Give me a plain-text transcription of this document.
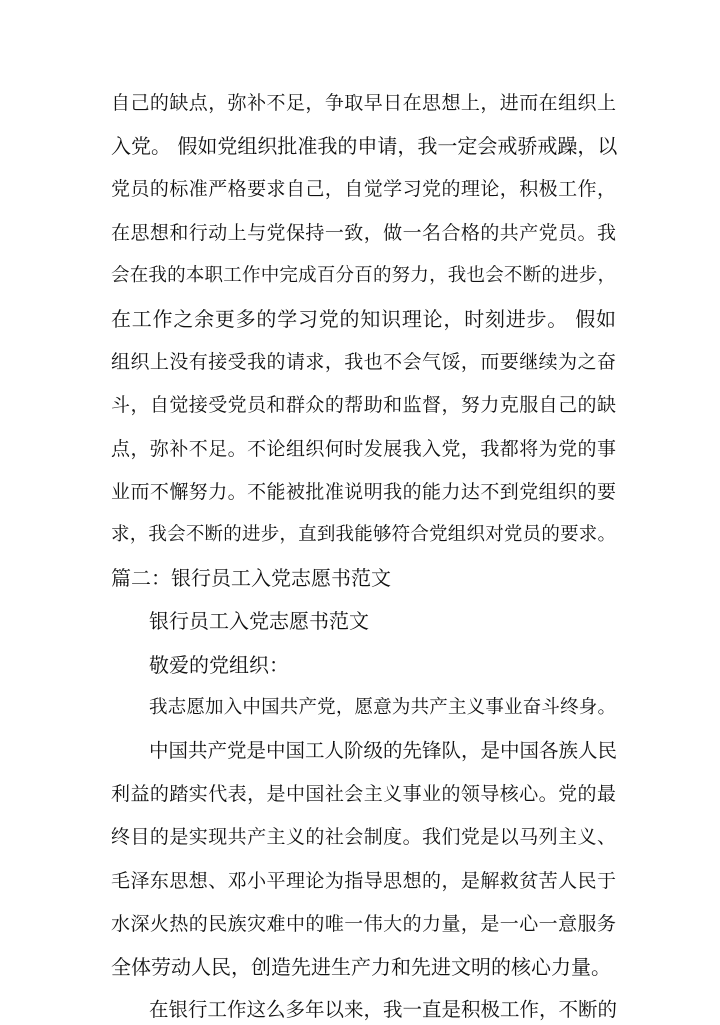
自己的缺点，弥补不足，争取早日在思想上，进而在组织上
入党。 假如党组织批准我的申请，我一定会戒骄戒躁，以
党员的标准严格要求自己，自觉学习党的理论，积极工作，
在思想和行动上与党保持一致，做一名合格的共产党员。我
会在我的本职工作中完成百分百的努力，我也会不断的进步，
在工作之余更多的学习党的知识理论，时刻进步。 假如
组织上没有接受我的请求，我也不会气馁，而要继续为之奋
斗，自觉接受党员和群众的帮助和监督，努力克服自己的缺
点，弥补不足。不论组织何时发展我入党，我都将为党的事
业而不懈努力。不能被批准说明我的能力达不到党组织的要
求，我会不断的进步，直到我能够符合党组织对党员的要求。
篇二：银行员工入党志愿书范文
银行员工入党志愿书范文
敬爱的党组织：
我志愿加入中国共产党，愿意为共产主义事业奋斗终身。
中国共产党是中国工人阶级的先锋队，是中国各族人民
利益的踏实代表，是中国社会主义事业的领导核心。党的最
终目的是实现共产主义的社会制度。我们党是以马列主义、
毛泽东思想、邓小平理论为指导思想的，是解救贫苦人民于
水深火热的民族灾难中的唯一伟大的力量，是一心一意服务
全体劳动人民，创造先进生产力和先进文明的核心力量。
在银行工作这么多年以来，我一直是积极工作，不断的
